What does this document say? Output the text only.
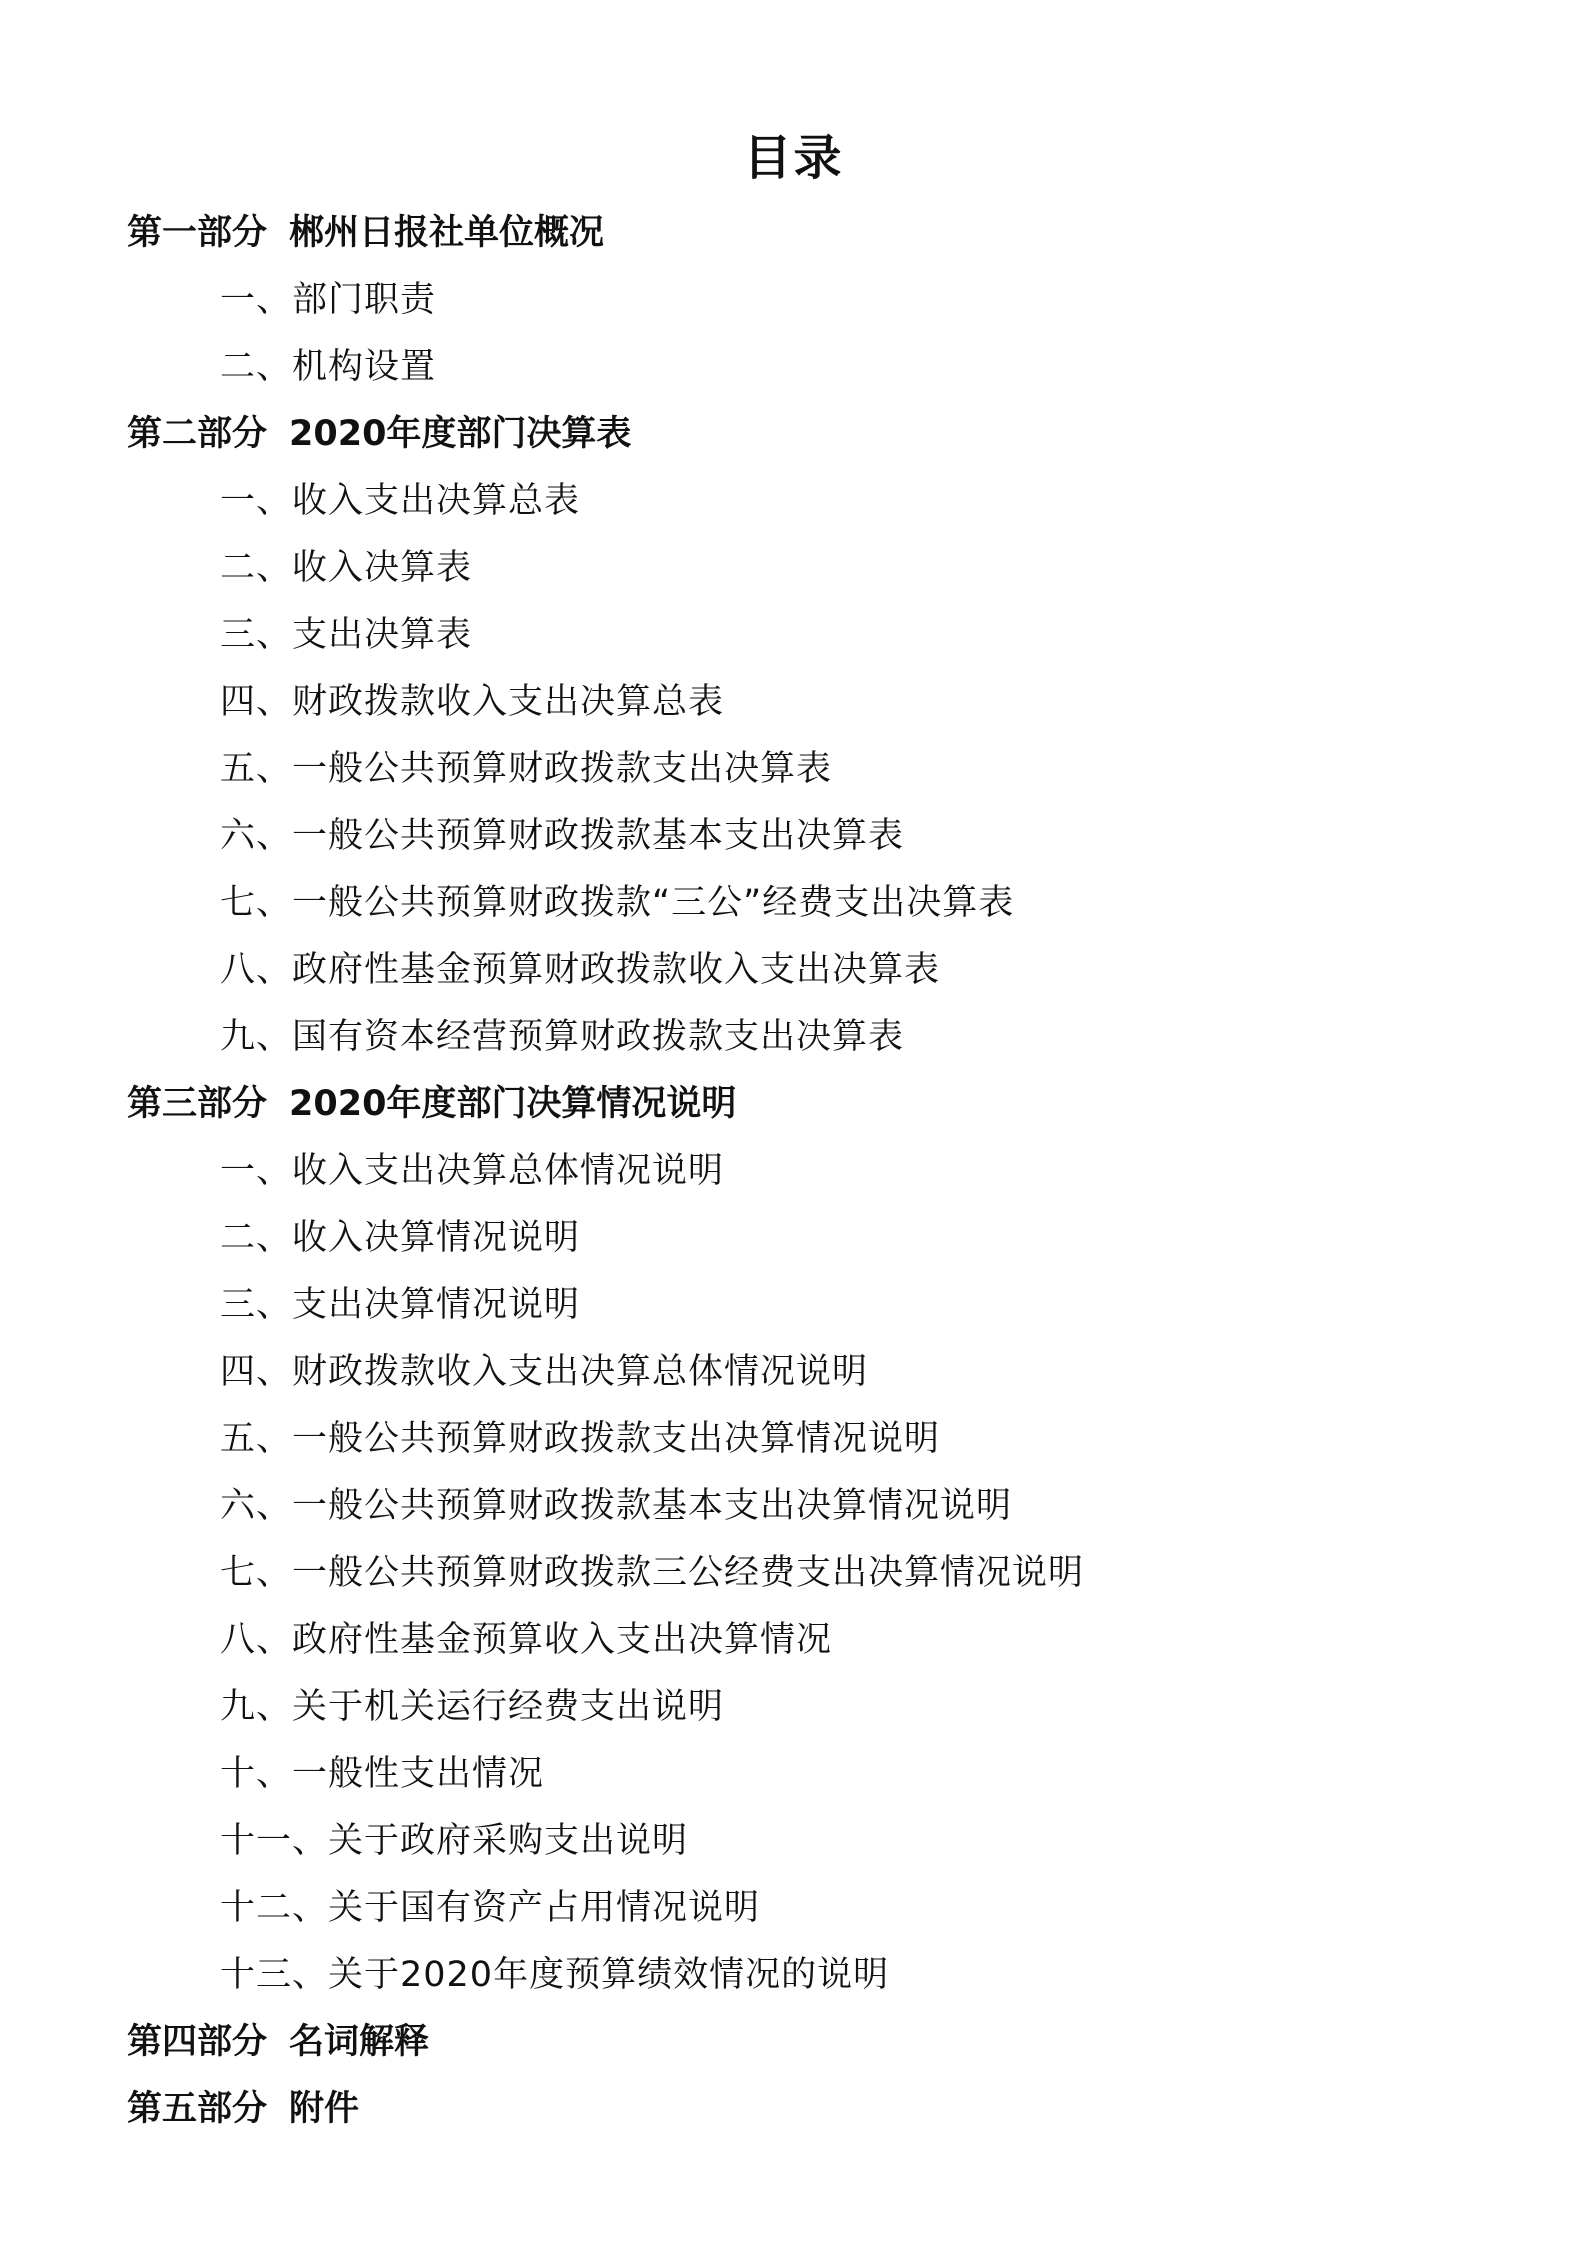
目录
第一部分 郴州日报社单位概况
一、部门职责
二、机构设置
第二部分 2020年度部门决算表
一、收入支出决算总表
二、收入决算表
三、支出决算表
四、财政拨款收入支出决算总表
五、一般公共预算财政拨款支出决算表
六、一般公共预算财政拨款基本支出决算表
七、一般公共预算财政拨款“三公”经费支出决算表
八、政府性基金预算财政拨款收入支出决算表
九、国有资本经营预算财政拨款支出决算表
第三部分 2020年度部门决算情况说明
一、收入支出决算总体情况说明
二、收入决算情况说明
三、支出决算情况说明
四、财政拨款收入支出决算总体情况说明
五、一般公共预算财政拨款支出决算情况说明
六、一般公共预算财政拨款基本支出决算情况说明
七、一般公共预算财政拨款三公经费支出决算情况说明
八、政府性基金预算收入支出决算情况
九、关于机关运行经费支出说明
十、一般性支出情况
十一、关于政府采购支出说明
十二、关于国有资产占用情况说明
十三、关于2020年度预算绩效情况的说明
第四部分 名词解释
第五部分 附件
